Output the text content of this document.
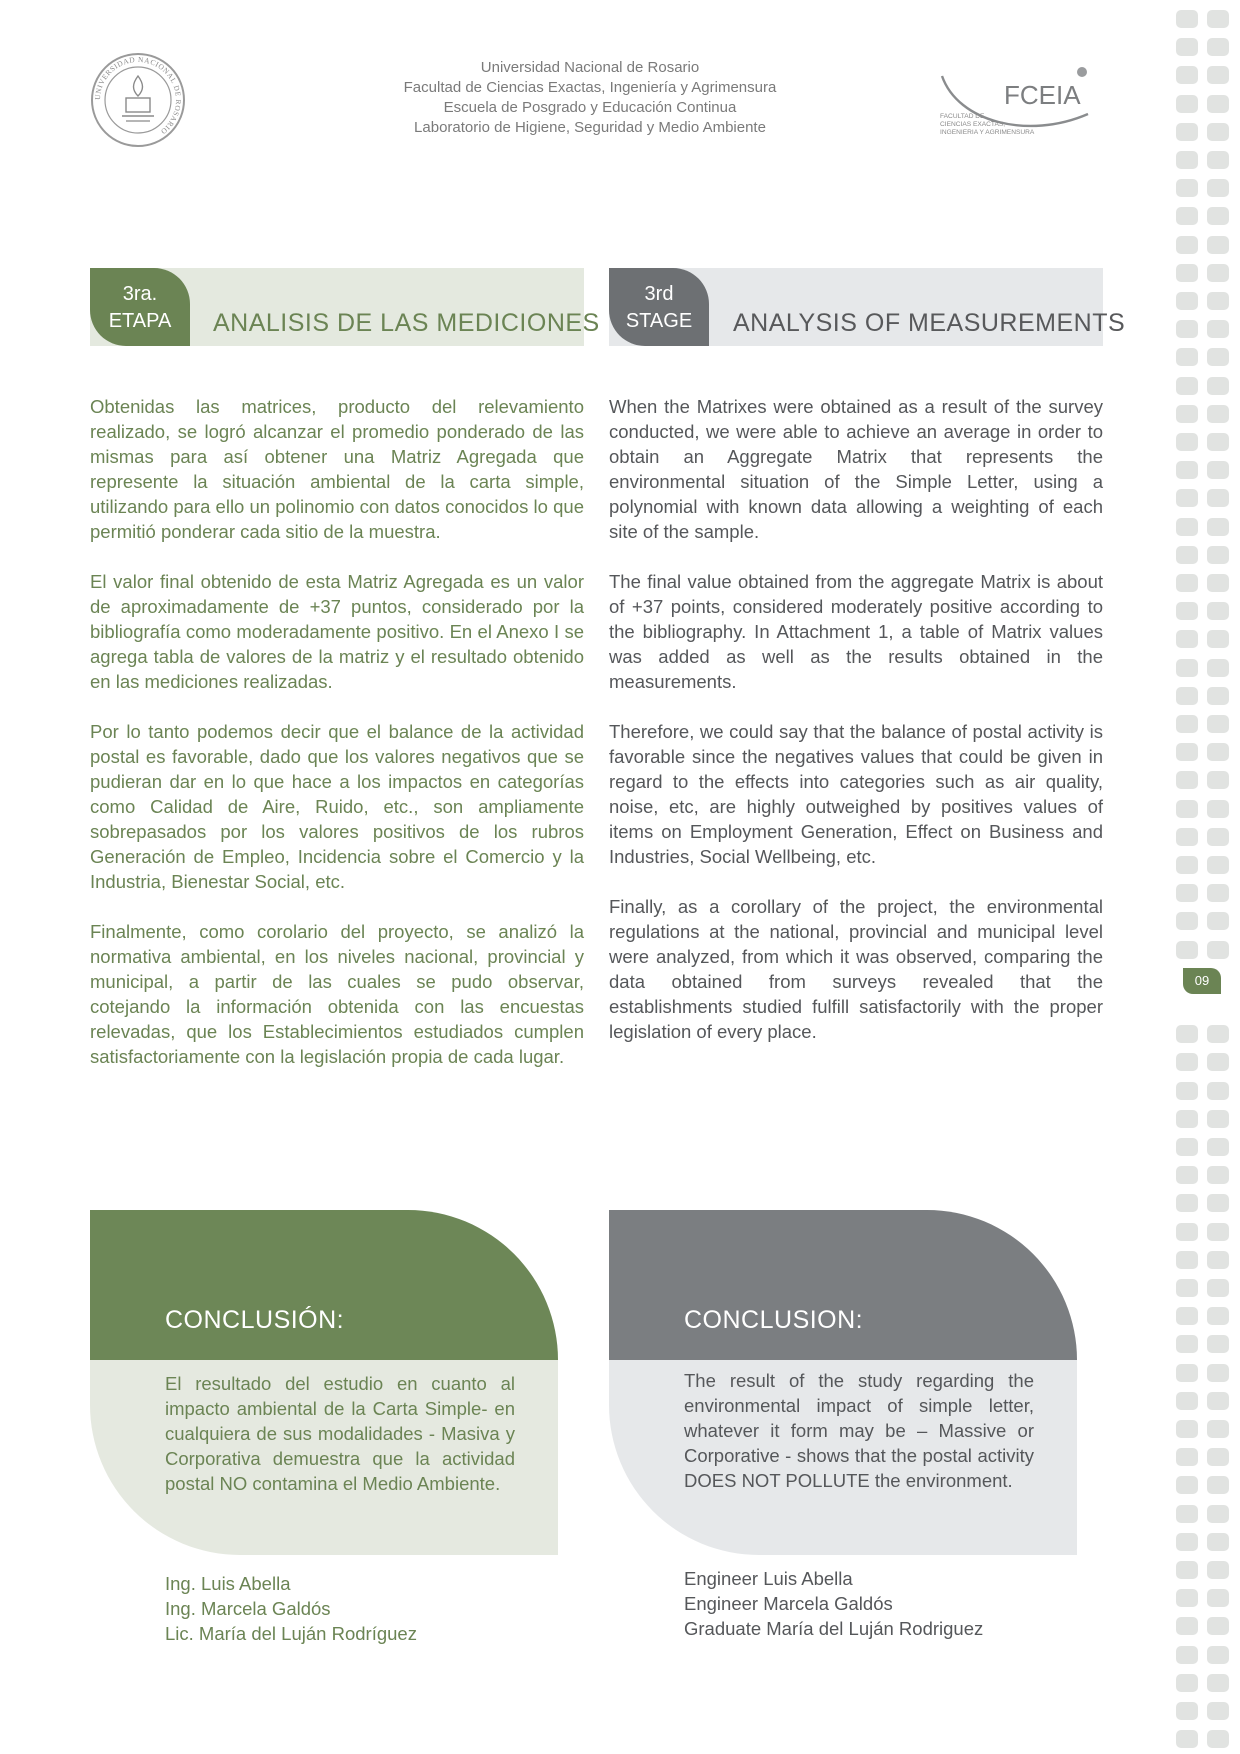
UNIVERSIDAD NACIONAL DE ROSARIO
Universidad Nacional de Rosario
Facultad de Ciencias Exactas, Ingeniería y Agrimensura
Escuela de Posgrado y Educación Continua
Laboratorio de Higiene, Seguridad y Medio Ambiente
FCEIA
FACULTAD DE
CIENCIAS EXACTAS,
INGENIERIA Y AGRIMENSURA
3ra.
ETAPA	ANALISIS DE LAS MEDICIONES
3rd
STAGE	ANALYSIS OF MEASUREMENTS

Obtenidas las matrices, producto del relevamiento realizado, se logró alcanzar el promedio ponderado de las mismas para así obtener una Matriz Agregada que represente la situación ambiental de la carta simple, utilizando para ello un polinomio con datos conocidos lo que permitió ponderar cada sitio de la muestra.

El valor final obtenido de esta Matriz Agregada es un valor de aproximadamente de +37 puntos, considerado por la bibliografía como moderadamente positivo. En el Anexo I se agrega tabla de valores de la matriz y el resultado obtenido en las mediciones realizadas.

Por lo tanto podemos decir que el balance de la actividad postal es favorable, dado que los valores negativos que se pudieran dar en lo que hace a los impactos en categorías como Calidad de Aire, Ruido, etc., son ampliamente sobrepasados por los valores positivos de los rubros Generación de Empleo, Incidencia sobre el Comercio y la Industria, Bienestar Social, etc.

Finalmente, como corolario del proyecto, se analizó la normativa ambiental, en los niveles nacional, provincial y municipal, a partir de las cuales se pudo observar, cotejando la información obtenida con las encuestas relevadas, que los Establecimientos estudiados cumplen satisfactoriamente con la legislación propia de cada lugar.

When the Matrixes were obtained as a result of the survey conducted, we were able to achieve an average in order to obtain an Aggregate Matrix that represents the environmental situation of the Simple Letter, using a polynomial with known data allowing a weighting of each site of the sample.

The final value obtained from the aggregate Matrix is about of +37 points, considered moderately positive according to the bibliography. In Attachment 1, a table of Matrix values was added as well as the results obtained in the measurements.

Therefore, we could say that the balance of postal activity is favorable since the negatives values that could be given in regard to the effects into categories such as air quality, noise, etc, are highly outweighed by positives values of items on Employment Generation, Effect on Business and Industries, Social Wellbeing, etc.

Finally, as a corollary of the project, the environmental regulations at the national, provincial and municipal level were analyzed, from which it was observed, comparing the data obtained from surveys revealed that the establishments studied fulfill satisfactorily with the proper legislation of every place.

09
CONCLUSIÓN:
El resultado del estudio en cuanto al impacto ambiental de la Carta Simple- en cualquiera de sus modalidades - Masiva y Corporativa demuestra que la actividad postal NO contamina el Medio Ambiente.
CONCLUSION:
The result of the study regarding the environmental impact of simple letter, whatever it form may be – Massive or Corporative - shows that the postal activity DOES NOT POLLUTE the environment.
Ing. Luis Abella
Ing. Marcela Galdós
Lic. María del Luján Rodríguez
Engineer Luis Abella
Engineer Marcela Galdós
Graduate María del Luján Rodriguez
